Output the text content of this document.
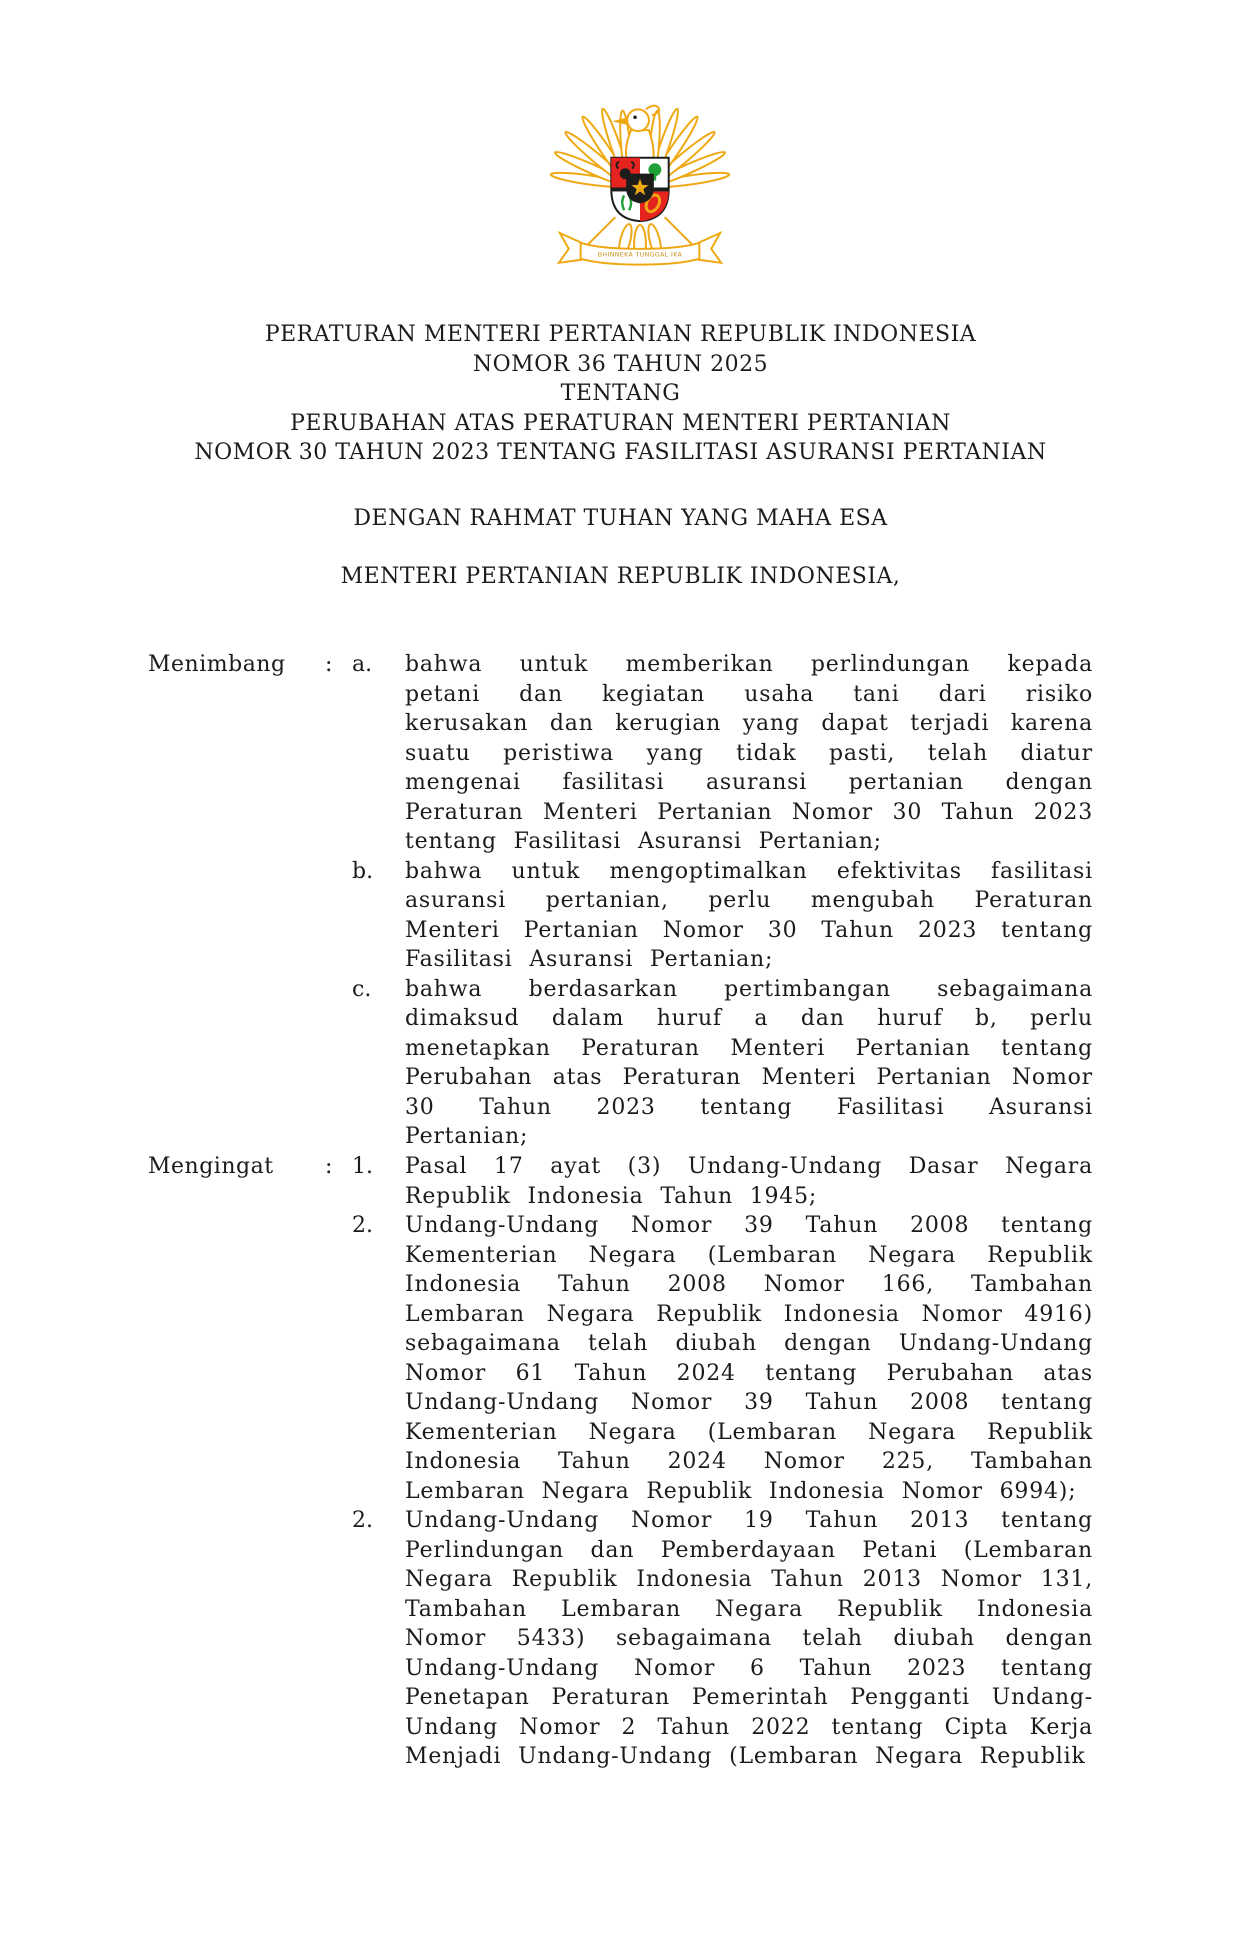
BHINNEKA TUNGGAL IKA
PERATURAN MENTERI PERTANIAN REPUBLIK INDONESIA
NOMOR 36 TAHUN 2025
TENTANG
PERUBAHAN ATAS PERATURAN MENTERI PERTANIAN
NOMOR 30 TAHUN 2023 TENTANG FASILITASI ASURANSI PERTANIAN
DENGAN RAHMAT TUHAN YANG MAHA ESA
MENTERI PERTANIAN REPUBLIK INDONESIA,
Menimbang	: a.	bahwa untuk memberikan perlindungan kepada petani dan kegiatan usaha tani dari risiko kerusakan dan kerugian yang dapat terjadi karena suatu peristiwa yang tidak pasti, telah diatur mengenai fasilitasi asuransi pertanian dengan Peraturan Menteri Pertanian Nomor 30 Tahun 2023 tentang Fasilitasi Asuransi Pertanian;
b.	bahwa untuk mengoptimalkan efektivitas fasilitasi asuransi pertanian, perlu mengubah Peraturan Menteri Pertanian Nomor 30 Tahun 2023 tentang Fasilitasi Asuransi Pertanian;
c.	bahwa berdasarkan pertimbangan sebagaimana dimaksud dalam huruf a dan huruf b, perlu menetapkan Peraturan Menteri Pertanian tentang Perubahan atas Peraturan Menteri Pertanian Nomor 30 Tahun 2023 tentang Fasilitasi Asuransi Pertanian;
Mengingat	: 1.	Pasal 17 ayat (3) Undang-Undang Dasar Negara Republik Indonesia Tahun 1945;
2.	Undang-Undang Nomor 39 Tahun 2008 tentang Kementerian Negara (Lembaran Negara Republik Indonesia Tahun 2008 Nomor 166, Tambahan Lembaran Negara Republik Indonesia Nomor 4916) sebagaimana telah diubah dengan Undang-Undang Nomor 61 Tahun 2024 tentang Perubahan atas Undang-Undang Nomor 39 Tahun 2008 tentang Kementerian Negara (Lembaran Negara Republik Indonesia Tahun 2024 Nomor 225, Tambahan Lembaran Negara Republik Indonesia Nomor 6994);
2.	Undang-Undang Nomor 19 Tahun 2013 tentang Perlindungan dan Pemberdayaan Petani (Lembaran Negara Republik Indonesia Tahun 2013 Nomor 131, Tambahan Lembaran Negara Republik Indonesia Nomor 5433) sebagaimana telah diubah dengan Undang-Undang Nomor 6 Tahun 2023 tentang Penetapan Peraturan Pemerintah Pengganti Undang-Undang Nomor 2 Tahun 2022 tentang Cipta Kerja Menjadi Undang-Undang (Lembaran Negara Republik
